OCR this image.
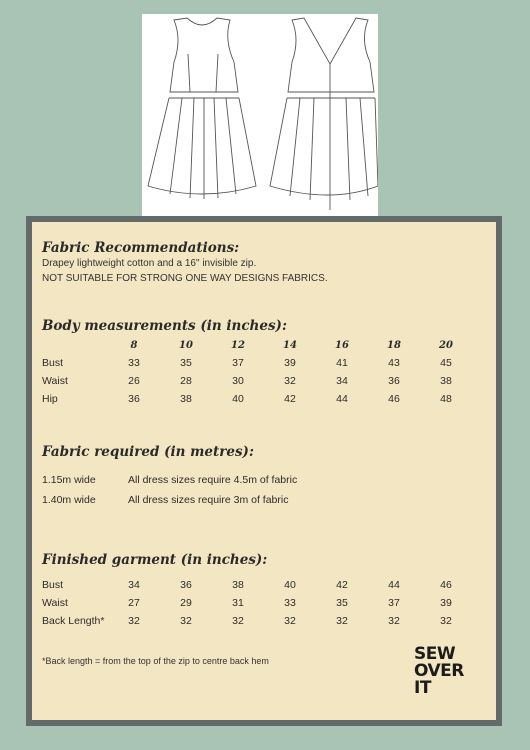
Fabric Recommendations:
Drapey lightweight cotton and a 16" invisible zip.
NOT SUITABLE FOR STRONG ONE WAY DESIGNS FABRICS.
Body measurements (in inches):
	8	10	12	14	16	18	20
Bust	33	35	37	39	41	43	45
Waist	26	28	30	32	34	36	38
Hip	36	38	40	42	44	46	48
Fabric required (in metres):
1.15m wide	All dress sizes require 4.5m of fabric
1.40m wide	All dress sizes require 3m of fabric
Finished garment (in inches):
Bust	34	36	38	40	42	44	46
Waist	27	29	31	33	35	37	39
Back Length*	32	32	32	32	32	32	32
*Back length = from the top of the zip to centre back hem	SEW
OVER
IT
